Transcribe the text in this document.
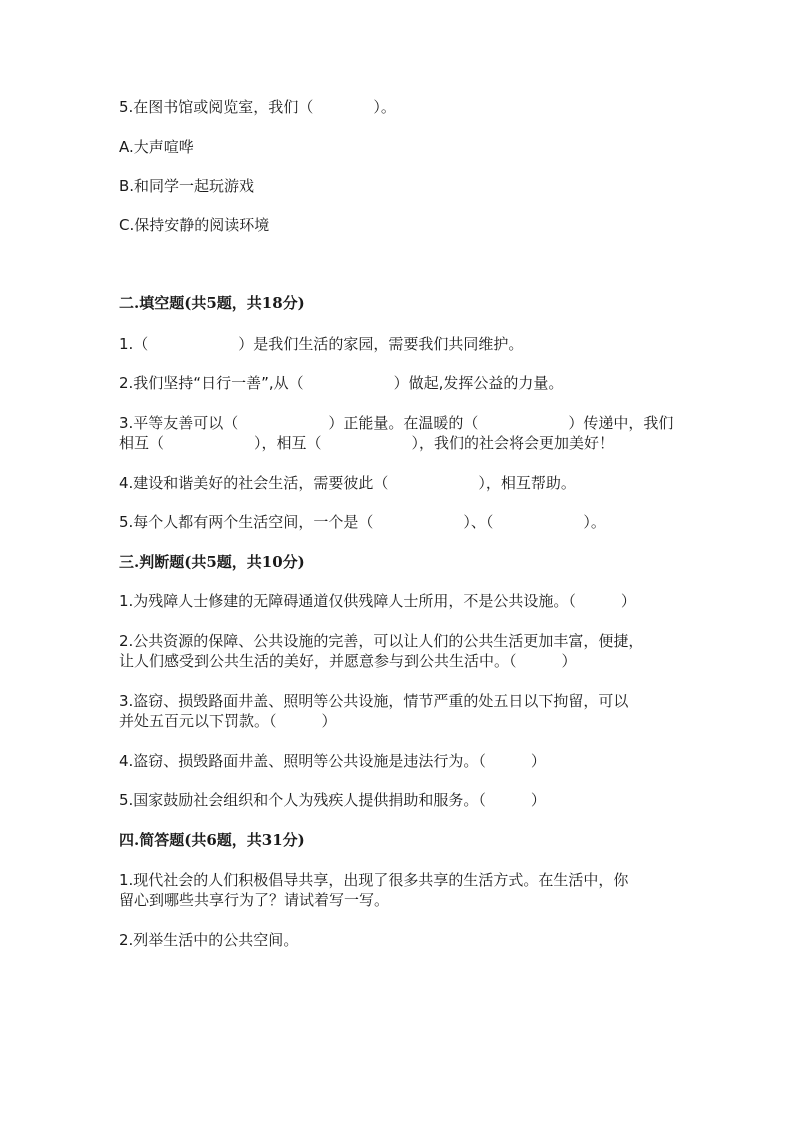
5.在图书馆或阅览室，我们（　　　　）。
A.大声喧哗
B.和同学一起玩游戏
C.保持安静的阅读环境
二.填空题(共5题，共18分)
1.（　　　　　　）是我们生活的家园，需要我们共同维护。
2.我们坚持“日行一善”,从（　　　　　　）做起,发挥公益的力量。
3.平等友善可以（　　　　　　）正能量。在温暖的（　　　　　　）传递中，我们
相互（　　　　　　），相互（　　　　　　），我们的社会将会更加美好！
4.建设和谐美好的社会生活，需要彼此（　　　　　　），相互帮助。
5.每个人都有两个生活空间，一个是（　　　　　　）、（　　　　　　）。
三.判断题(共5题，共10分)
1.为残障人士修建的无障碍通道仅供残障人士所用，不是公共设施。（　　　）
2.公共资源的保障、公共设施的完善，可以让人们的公共生活更加丰富，便捷，
让人们感受到公共生活的美好，并愿意参与到公共生活中。（　　　）
3.盗窃、损毁路面井盖、照明等公共设施，情节严重的处五日以下拘留，可以
并处五百元以下罚款。（　　　）
4.盗窃、损毁路面井盖、照明等公共设施是违法行为。（　　　）
5.国家鼓励社会组织和个人为残疾人提供捐助和服务。（　　　）
四.简答题(共6题，共31分)
1.现代社会的人们积极倡导共享，出现了很多共享的生活方式。在生活中，你
留心到哪些共享行为了？请试着写一写。
2.列举生活中的公共空间。
